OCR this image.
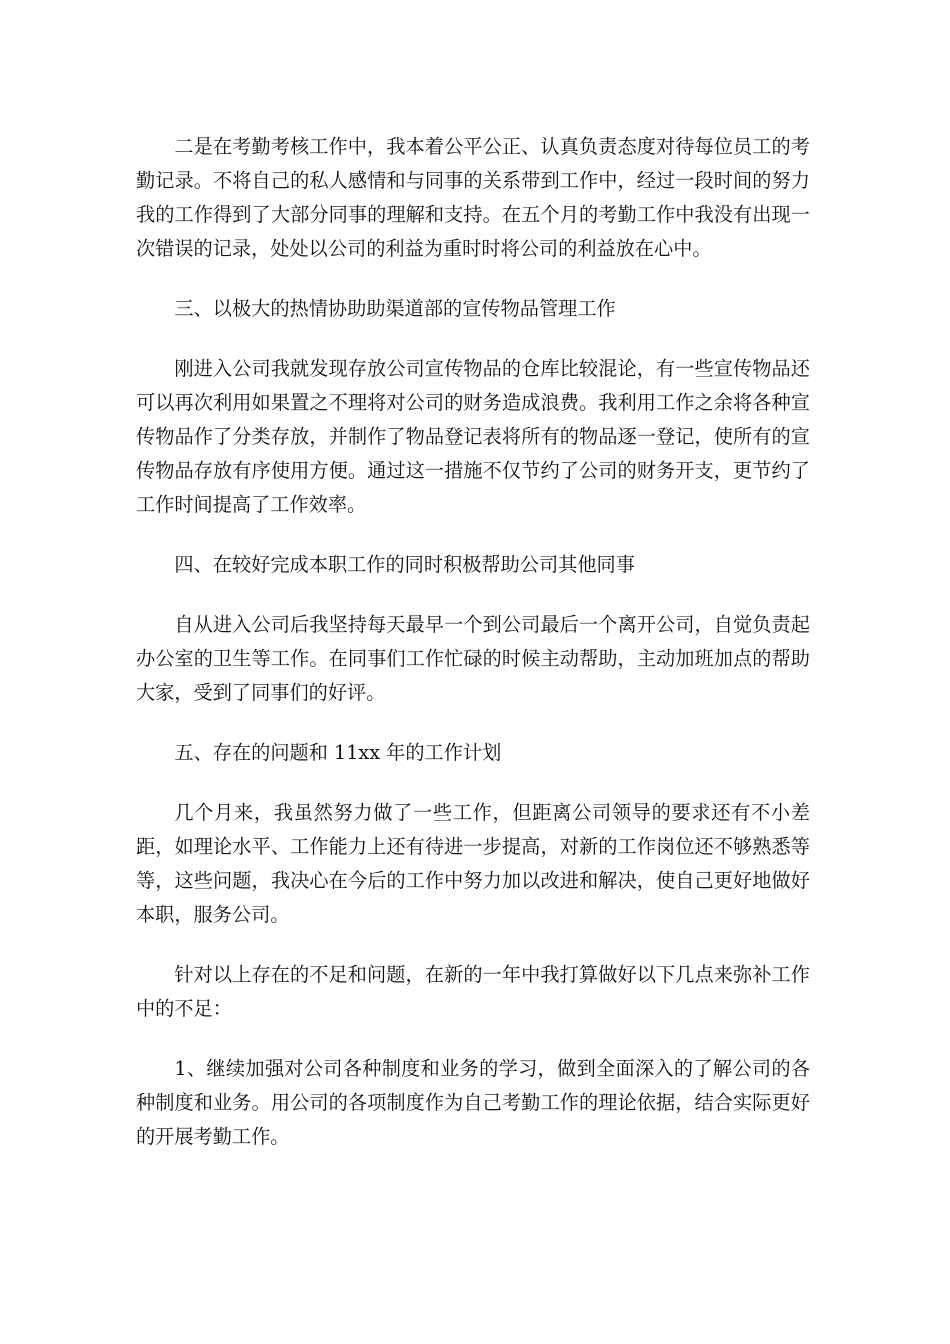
二是在考勤考核工作中，我本着公平公正、认真负责态度对待每位员工的考勤记录。不将自己的私人感情和与同事的关系带到工作中，经过一段时间的努力我的工作得到了大部分同事的理解和支持。在五个月的考勤工作中我没有出现一次错误的记录，处处以公司的利益为重时时将公司的利益放在心中。

三、以极大的热情协助助渠道部的宣传物品管理工作

刚进入公司我就发现存放公司宣传物品的仓库比较混论，有一些宣传物品还可以再次利用如果置之不理将对公司的财务造成浪费。我利用工作之余将各种宣传物品作了分类存放，并制作了物品登记表将所有的物品逐一登记，使所有的宣传物品存放有序使用方便。通过这一措施不仅节约了公司的财务开支，更节约了工作时间提高了工作效率。

四、在较好完成本职工作的同时积极帮助公司其他同事

自从进入公司后我坚持每天最早一个到公司最后一个离开公司，自觉负责起办公室的卫生等工作。在同事们工作忙碌的时候主动帮助，主动加班加点的帮助大家，受到了同事们的好评。

五、存在的问题和 11xx 年的工作计划

几个月来，我虽然努力做了一些工作，但距离公司领导的要求还有不小差距，如理论水平、工作能力上还有待进一步提高，对新的工作岗位还不够熟悉等等，这些问题，我决心在今后的工作中努力加以改进和解决，使自己更好地做好本职，服务公司。

针对以上存在的不足和问题，在新的一年中我打算做好以下几点来弥补工作中的不足：

1、继续加强对公司各种制度和业务的学习，做到全面深入的了解公司的各种制度和业务。用公司的各项制度作为自己考勤工作的理论依据，结合实际更好的开展考勤工作。
